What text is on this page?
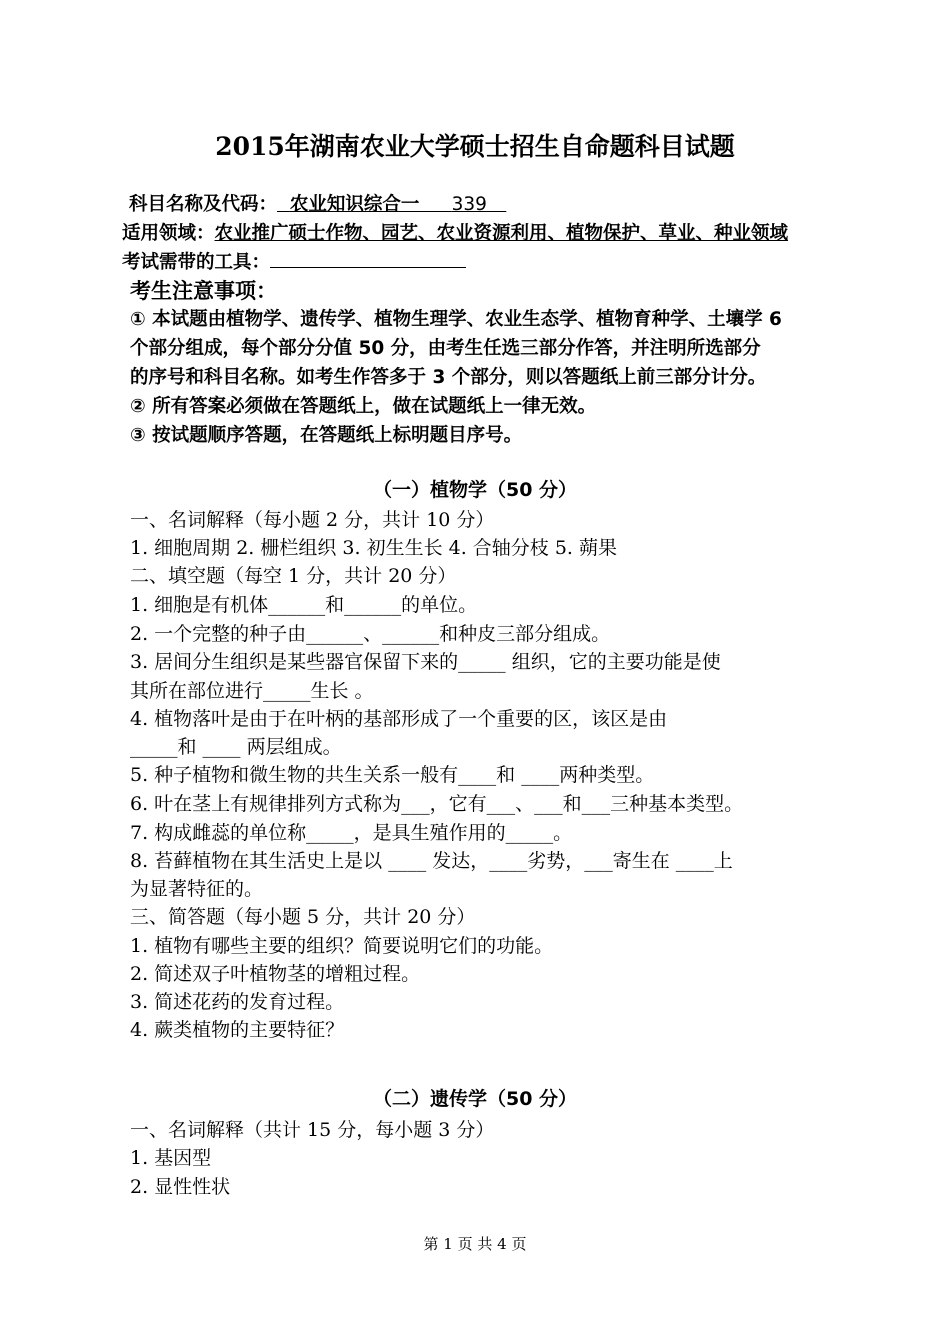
2015年湖南农业大学硕士招生自命题科目试题
科目名称及代码： 农业知识综合一 339
适用领域：农业推广硕士作物、园艺、农业资源利用、植物保护、草业、种业领域
考试需带的工具：
考生注意事项：
① 本试题由植物学、遗传学、植物生理学、农业生态学、植物育种学、土壤学 6
个部分组成，每个部分分值 50 分，由考生任选三部分作答，并注明所选部分
的序号和科目名称。如考生作答多于 3 个部分，则以答题纸上前三部分计分。
② 所有答案必须做在答题纸上，做在试题纸上一律无效。
③ 按试题顺序答题，在答题纸上标明题目序号。
（一）植物学（50 分）
一、名词解释（每小题 2 分，共计 10 分）
1. 细胞周期 2. 栅栏组织 3. 初生生长 4. 合轴分枝 5. 蒴果
二、填空题（每空 1 分，共计 20 分）
1. 细胞是有机体______和______的单位。
2. 一个完整的种子由______、______和种皮三部分组成。
3. 居间分生组织是某些器官保留下来的_____ 组织，它的主要功能是使
其所在部位进行_____生长 。
4. 植物落叶是由于在叶柄的基部形成了一个重要的区，该区是由
_____和 ____ 两层组成。
5. 种子植物和微生物的共生关系一般有____和 ____两种类型。
6. 叶在茎上有规律排列方式称为___，它有___、___和___三种基本类型。
7. 构成雌蕊的单位称_____，是具生殖作用的_____。
8. 苔藓植物在其生活史上是以 ____ 发达，____劣势，___寄生在 ____上
为显著特征的。
三、简答题（每小题 5 分，共计 20 分）
1. 植物有哪些主要的组织？简要说明它们的功能。
2. 简述双子叶植物茎的增粗过程。
3. 简述花药的发育过程。
4. 蕨类植物的主要特征？
（二）遗传学（50 分）
一、名词解释（共计 15 分，每小题 3 分）
1. 基因型
2. 显性性状
第 1 页 共 4 页
